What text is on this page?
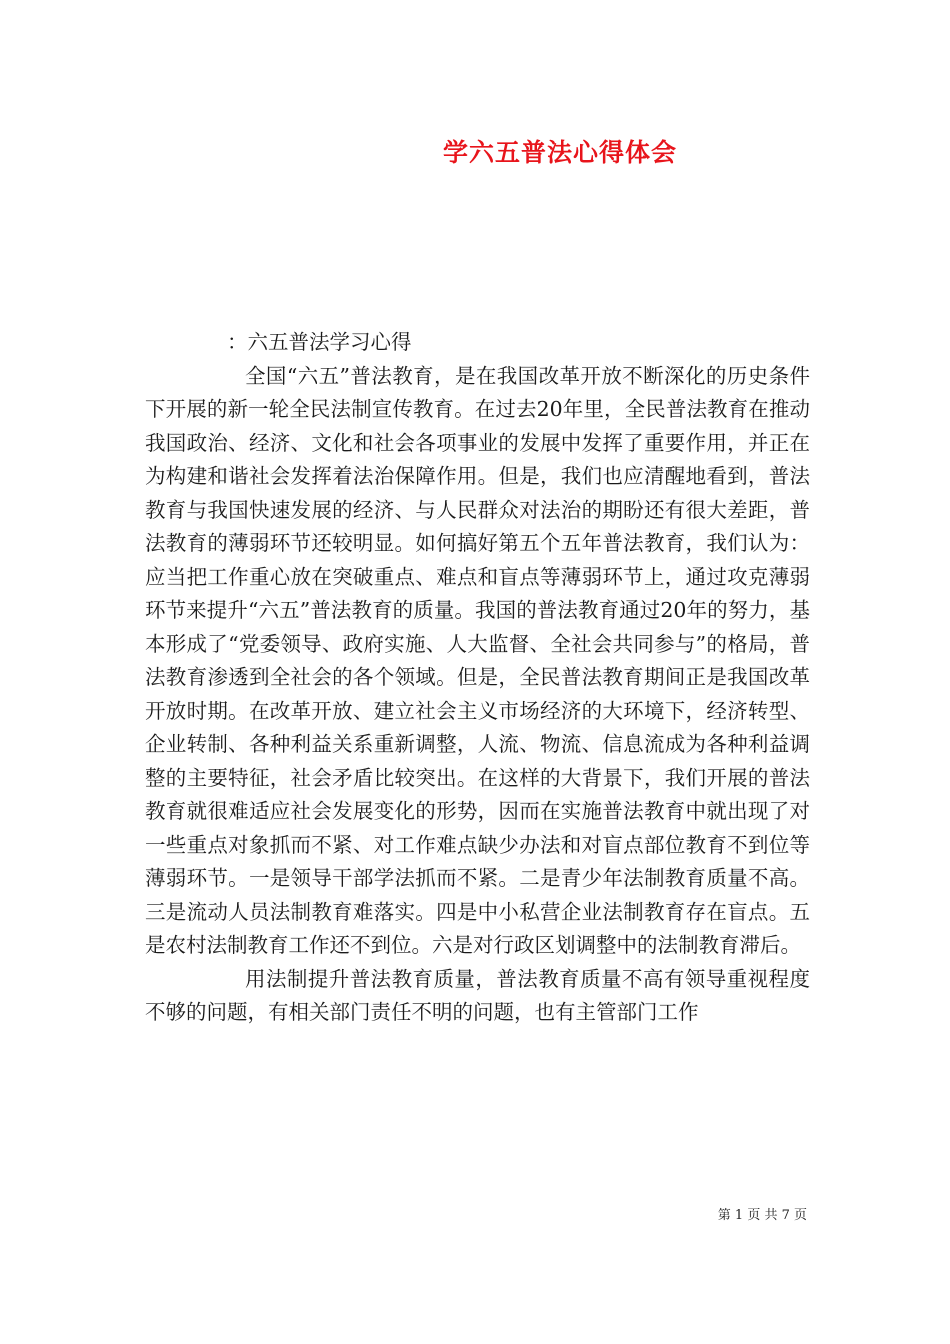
学六五普法心得体会
：六五普法学习心得

全国“六五”普法教育，是在我国改革开放不断深化的历史条件下开展的新一轮全民法制宣传教育。在过去20年里，全民普法教育在推动我国政治、经济、文化和社会各项事业的发展中发挥了重要作用，并正在为构建和谐社会发挥着法治保障作用。但是，我们也应清醒地看到，普法教育与我国快速发展的经济、与人民群众对法治的期盼还有很大差距，普法教育的薄弱环节还较明显。如何搞好第五个五年普法教育，我们认为：应当把工作重心放在突破重点、难点和盲点等薄弱环节上，通过攻克薄弱环节来提升“六五”普法教育的质量。我国的普法教育通过20年的努力，基本形成了“党委领导、政府实施、人大监督、全社会共同参与”的格局，普法教育渗透到全社会的各个领域。但是，全民普法教育期间正是我国改革开放时期。在改革开放、建立社会主义市场经济的大环境下，经济转型、企业转制、各种利益关系重新调整，人流、物流、信息流成为各种利益调整的主要特征，社会矛盾比较突出。在这样的大背景下，我们开展的普法教育就很难适应社会发展变化的形势，因而在实施普法教育中就出现了对一些重点对象抓而不紧、对工作难点缺少办法和对盲点部位教育不到位等薄弱环节。一是领导干部学法抓而不紧。二是青少年法制教育质量不高。三是流动人员法制教育难落实。四是中小私营企业法制教育存在盲点。五是农村法制教育工作还不到位。六是对行政区划调整中的法制教育滞后。

用法制提升普法教育质量，普法教育质量不高有领导重视程度不够的问题，有相关部门责任不明的问题，也有主管部门工作

第 1 页 共 7 页
